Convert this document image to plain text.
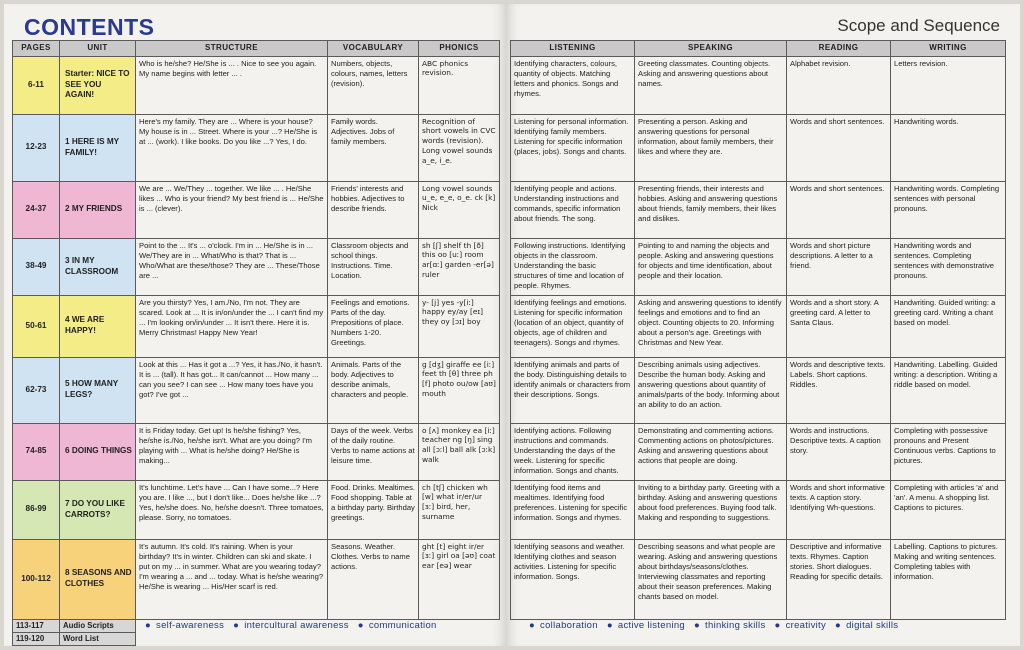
CONTENTS	Scope and Sequence
PAGES	UNIT	STRUCTURE	VOCABULARY	PHONICS
6-11	Starter: NICE TO SEE YOU AGAIN!	Who is he/she? He/She is ... . Nice to see you again. My name begins with letter ... .	Numbers, objects, colours, names, letters (revision).	ABC phonics revision.
12-23	1 HERE IS MY FAMILY!	Here's my family. They are ... Where is your house? My house is in ... Street. Where is your ...? He/She is at ... (work). I like books. Do you like ...? Yes, I do.	Family words. Adjectives. Jobs of family members.	Recognition of short vowels in CVC words (revision). Long vowel sounds a_e, i_e.
24-37	2 MY FRIENDS	We are ... We/They ... together. We like ... . He/She likes ... Who is your friend? My best friend is ... He/She is ... (clever).	Friends' interests and hobbies. Adjectives to describe friends.	Long vowel sounds u_e, e_e, o_e. ck [k] Nick
38-49	3 IN MY CLASSROOM	Point to the ... It's ... o'clock. I'm in ... He/She is in ... We/They are in ... What/Who is that? That is ... Who/What are these/those? They are ... These/Those are ...	Classroom objects and school things. Instructions. Time. Location.	sh [ʃ] shelf th [ð] this oo [uː] room ar[ɑː] garden -er[ə] ruler
50-61	4 WE ARE HAPPY!	Are you thirsty? Yes, I am./No, I'm not. They are scared. Look at ... It is in/on/under the ... I can't find my ... I'm looking on/in/under ... It isn't there. Here it is. Merry Christmas! Happy New Year!	Feelings and emotions. Parts of the day. Prepositions of place. Numbers 1-20. Greetings.	y- [j] yes -y[iː] happy ey/ay [eɪ] they oy [ɔɪ] boy
62-73	5 HOW MANY LEGS?	Look at this ... Has it got a ...? Yes, it has./No, it hasn't. It is ... (tall). It has got... It can/cannot ... How many ... can you see? I can see ... How many toes have you got? I've got ...	Animals. Parts of the body. Adjectives to describe animals, characters and people.	g [dʒ] giraffe ee [iː] feet th [θ] three ph [f] photo ou/ow [aʊ] mouth
74-85	6 DOING THINGS	It is Friday today. Get up! Is he/she fishing? Yes, he/she is./No, he/she isn't. What are you doing? I'm playing with ... What is he/she doing? He/She is making...	Days of the week. Verbs of the daily routine. Verbs to name actions at leisure time.	o [ʌ] monkey ea [iː] teacher ng [ŋ] sing all [ɔːl] ball alk [ɔːk] walk
86-99	7 DO YOU LIKE CARROTS?	It's lunchtime. Let's have ... Can I have some...? Here you are. I like ..., but I don't like... Does he/she like ...? Yes, he/she does. No, he/she doesn't. Three tomatoes, please. Sorry, no tomatoes.	Food. Drinks. Mealtimes. Food shopping. Table at a birthday party. Birthday greetings.	ch [tʃ] chicken wh [w] what ir/er/ur [ɜː] bird, her, surname
100-112	8 SEASONS AND CLOTHES	It's autumn. It's cold. It's raining. When is your birthday? It's in winter. Children can ski and skate. I put on my ... in summer. What are you wearing today? I'm wearing a ... and ... today. What is he/she wearing? He/She is wearing ... His/Her scarf is red.	Seasons. Weather. Clothes. Verbs to name actions.	ght [t] eight ir/er [ɜː] girl oa [əʊ] coat ear [eə] wear
113-117	Audio Scripts			
119-120	Word List			
LISTENING	SPEAKING	READING	WRITING
Identifying characters, colours, quantity of objects. Matching letters and phonics. Songs and rhymes.	Greeting classmates. Counting objects. Asking and answering questions about names.	Alphabet revision.	Letters revision.
Listening for personal information. Identifying family members. Listening for specific information (places, jobs). Songs and chants.	Presenting a person. Asking and answering questions for personal information, about family members, their likes and where they are.	Words and short sentences.	Handwriting words.
Identifying people and actions. Understanding instructions and commands, specific information about friends. The song.	Presenting friends, their interests and hobbies. Asking and answering questions about friends, family members, their likes and dislikes.	Words and short sentences.	Handwriting words. Completing sentences with personal pronouns.
Following instructions. Identifying objects in the classroom. Understanding the basic structures of time and location of people. Rhymes.	Pointing to and naming the objects and people. Asking and answering questions for objects and time identification, about people and their location.	Words and short picture descriptions. A letter to a friend.	Handwriting words and sentences. Completing sentences with demonstrative pronouns.
Identifying feelings and emotions. Listening for specific information (location of an object, quantity of objects, age of children and teenagers). Songs and rhymes.	Asking and answering questions to identify feelings and emotions and to find an object. Counting objects to 20. Informing about a person's age. Greetings with Christmas and New Year.	Words and a short story. A greeting card. A letter to Santa Claus.	Handwriting. Guided writing: a greeting card. Writing a chant based on model.
Identifying animals and parts of the body. Distinguishing details to identify animals or characters from their descriptions. Songs.	Describing animals using adjectives. Describe the human body. Asking and answering questions about quantity of animals/parts of the body. Informing about an ability to do an action.	Words and descriptive texts. Labels. Short captions. Riddles.	Handwriting. Labelling. Guided writing: a description. Writing a riddle based on model.
Identifying actions. Following instructions and commands. Understanding the days of the week. Listening for specific information. Songs and chants.	Demonstrating and commenting actions. Commenting actions on photos/pictures. Asking and answering questions about actions that people are doing.	Words and instructions. Descriptive texts. A caption story.	Completing with possessive pronouns and Present Continuous verbs. Captions to pictures.
Identifying food items and mealtimes. Identifying food preferences. Listening for specific information. Songs and rhymes.	Inviting to a birthday party. Greeting with a birthday. Asking and answering questions about food preferences. Buying food talk. Making and responding to suggestions.	Words and short informative texts. A caption story. Identifying Wh-questions.	Completing with articles 'a' and 'an'. A menu. A shopping list. Captions to pictures.
Identifying seasons and weather. Identifying clothes and season activities. Listening for specific information. Songs.	Describing seasons and what people are wearing. Asking and answering questions about birthdays/seasons/clothes. Interviewing classmates and reporting about their season preferences. Making chants based on model.	Descriptive and informative texts. Rhymes. Caption stories. Short dialogues. Reading for specific details.	Labelling. Captions to pictures. Making and writing sentences. Completing tables with information.
● self-awareness ● intercultural awareness ● communication	● collaboration ● active listening ● thinking skills ● creativity ● digital skills
